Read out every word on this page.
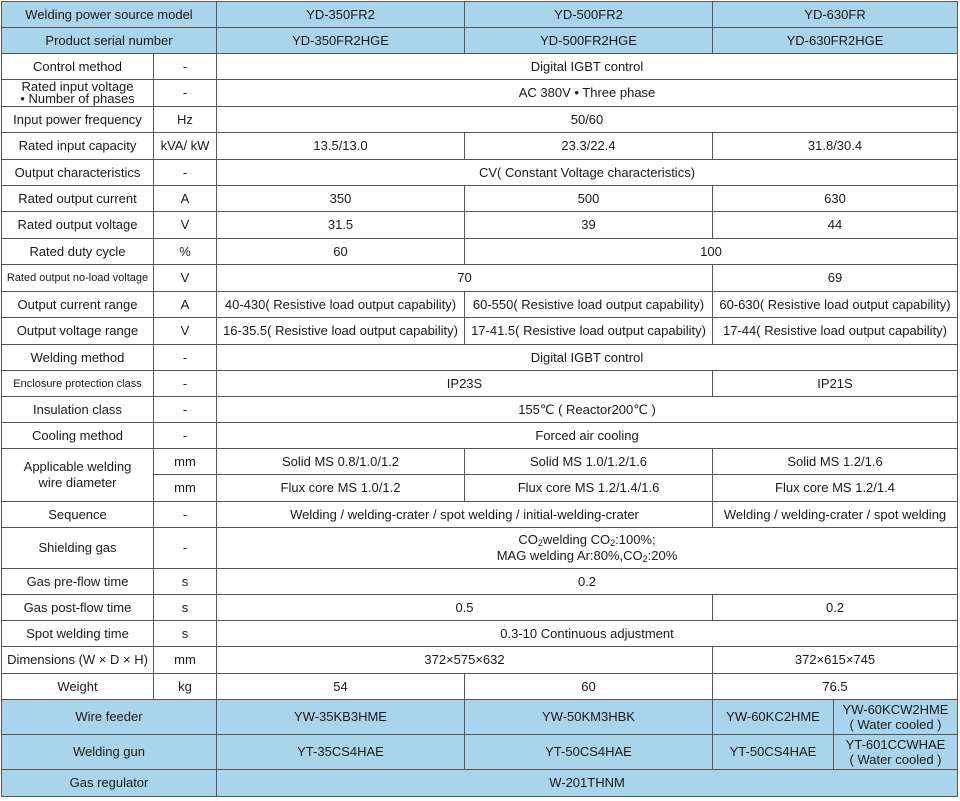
Welding power source model		YD-350FR2	YD-500FR2	YD-630FR	
Product serial number		YD-350FR2HGE	YD-500FR2HGE	YD-630FR2HGE	
Control method	-	Digital IGBT control			
Rated input voltage
• Number of phases	-	AC 380V • Three phase			
Input power frequency	Hz	50/60			
Rated input capacity	kVA/ kW	13.5/13.0	23.3/22.4	31.8/30.4	
Output characteristics	-	CV( Constant Voltage characteristics)			
Rated output current	A	350	500	630	
Rated output voltage	V	31.5	39	44	
Rated duty cycle	%	60	100		
Rated output no-load voltage	V	70		69	
Output current range	A	40-430( Resistive load output capability)	60-550( Resistive load output capability)	60-630( Resistive load output capability)	
Output voltage range	V	16-35.5( Resistive load output capability)	17-41.5( Resistive load output capability)	17-44( Resistive load output capability)	
Welding method	-	Digital IGBT control			
Enclosure protection class	-	IP23S		IP21S	
Insulation class	-	155℃ ( Reactor200℃ )			
Cooling method	-	Forced air cooling			
Applicable welding
wire diameter	mm	Solid MS 0.8/1.0/1.2	Solid MS 1.0/1.2/1.6	Solid MS 1.2/1.6	
	mm	Flux core MS 1.0/1.2	Flux core MS 1.2/1.4/1.6	Flux core MS 1.2/1.4	
Sequence	-	Welding / welding-crater / spot welding / initial-welding-crater		Welding / welding-crater / spot welding	
Shielding gas	-	$CO_2welding$ $CO_2:100\%$;
MAG welding $Ar:80\%,CO_2:20\%$			
Gas pre-flow time	s	0.2			
Gas post-flow time	s	0.5		0.2	
Spot welding time	s	0.3-10 Continuous adjustment			
Dimensions (W × D × H)	mm	372×575×632		372×615×745	
Weight	kg	54	60	76.5	
Wire feeder		YW-35KB3HME	YW-50KM3HBK	YW-60KC2HME	YW-60KCW2HME
( Water cooled )
Welding gun		YT-35CS4HAE	YT-50CS4HAE	YT-50CS4HAE	YT-601CCWHAE
( Water cooled )
Gas regulator		W-201THNM			
